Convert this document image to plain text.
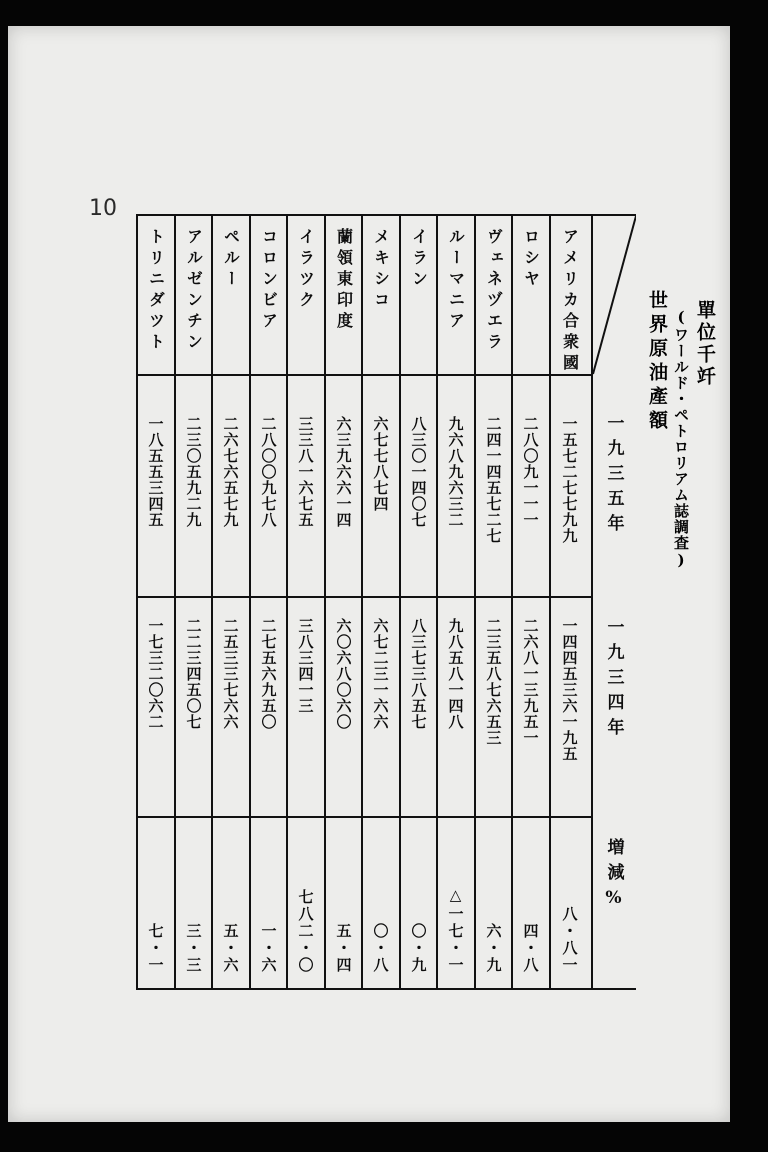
10
世界原油產額 (ワールド・ペトロリアム誌調査) 單位千竏
一九三五年
一九三四年
増減%
アメリカ合衆國
一五七二七七九九
一四四五三六一九五
八・八一
ロシヤ
二八〇九一一一
二六八一三九五一
四・八
ヴェネヅエラ
二四一四五七二七
二三五八七六五三
六・九
ルーマニア
九六八九六三二
九八五八一四八
△一七・一
イラン
八三〇一四〇七
八三七三八五七
〇・九
メキシコ
六七七八七四
六七二三一六六
〇・八
蘭領東印度
六三九六六一四
六〇六八〇六〇
五・四
イラツク
三三八一六七五
三八三四一三
七八二・〇
コロンビア
二八〇〇九七八
二七五六九五〇
一・六
ペルー
二六七六五七九
二五三三七六六
五・六
アルゼンチン
二三〇五九二九
二二三四五〇七
三・三
トリニダツト
一八五五三四五
一七三二〇六二
七・一
